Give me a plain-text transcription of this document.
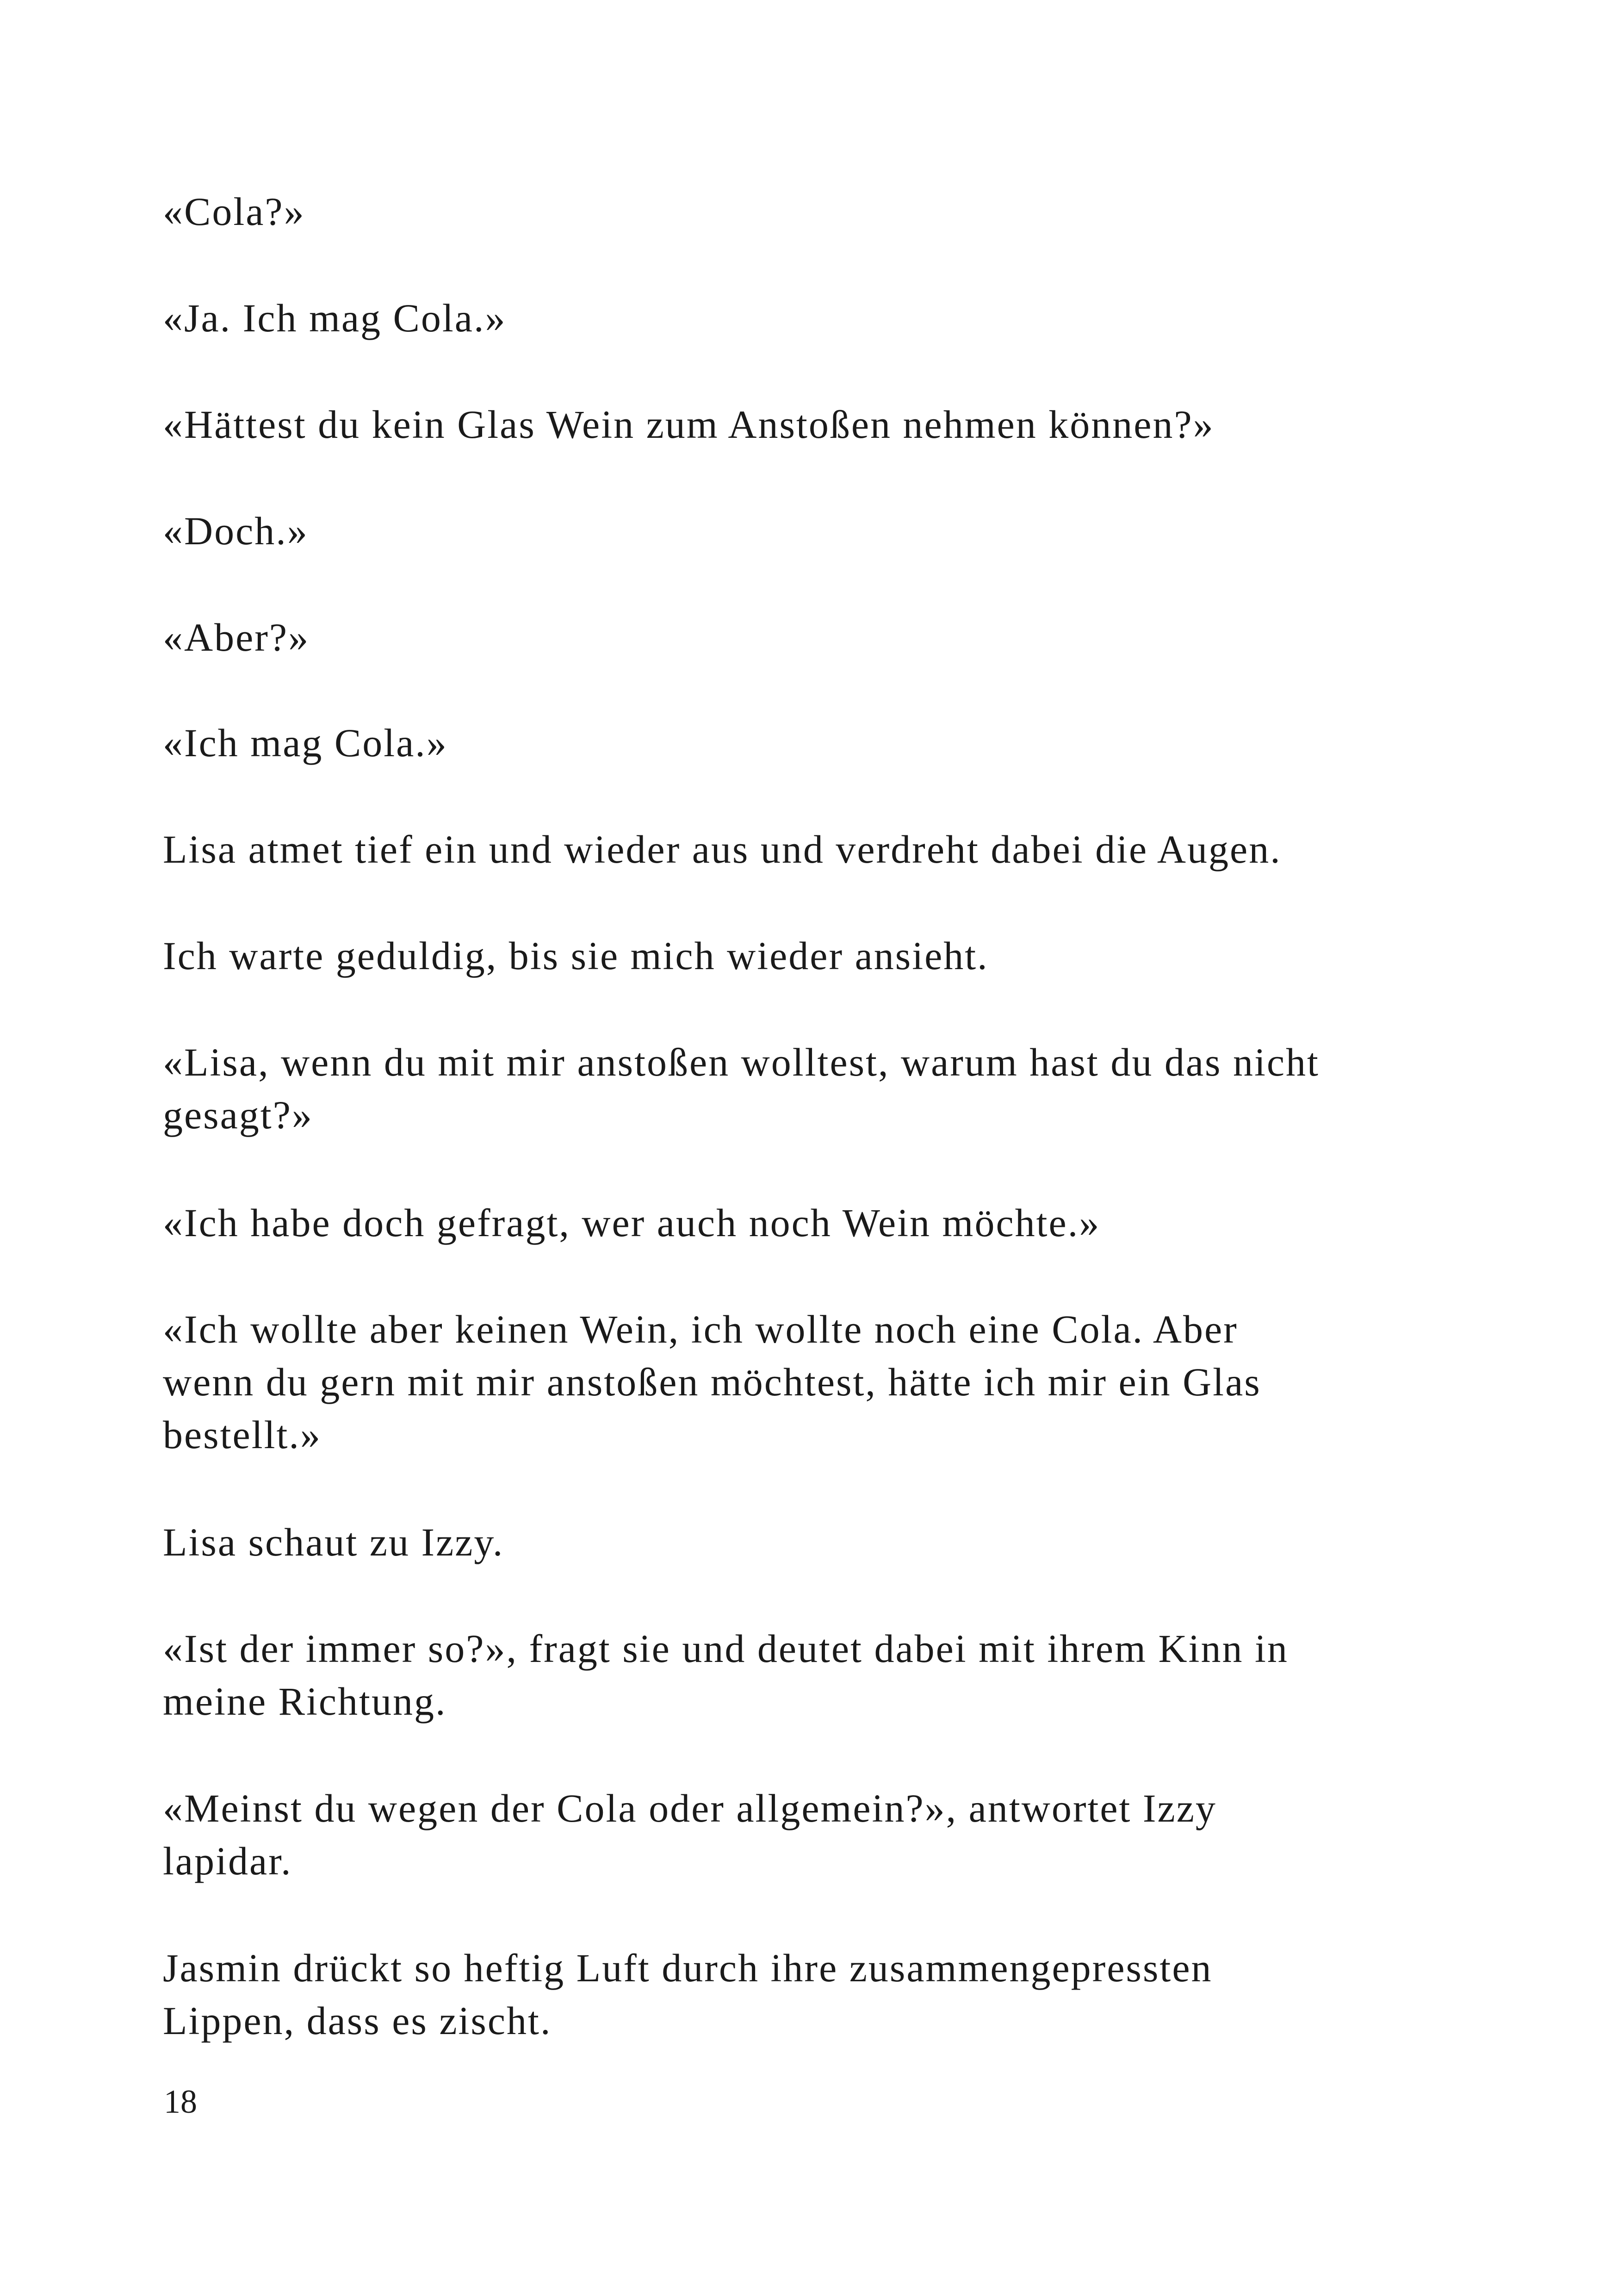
«Cola?»

«Ja. Ich mag Cola.»

«Hättest du kein Glas Wein zum Anstoßen nehmen können?»

«Doch.»

«Aber?»

«Ich mag Cola.»

Lisa atmet tief ein und wieder aus und verdreht dabei die Augen.

Ich warte geduldig, bis sie mich wieder ansieht.

«Lisa, wenn du mit mir anstoßen wolltest, warum hast du das nicht
gesagt?»

«Ich habe doch gefragt, wer auch noch Wein möchte.»

«Ich wollte aber keinen Wein, ich wollte noch eine Cola. Aber
wenn du gern mit mir anstoßen möchtest, hätte ich mir ein Glas
bestellt.»

Lisa schaut zu Izzy.

«Ist der immer so?», fragt sie und deutet dabei mit ihrem Kinn in
meine Richtung.

«Meinst du wegen der Cola oder allgemein?», antwortet Izzy
lapidar.

Jasmin drückt so heftig Luft durch ihre zusammengepressten
Lippen, dass es zischt.

18
